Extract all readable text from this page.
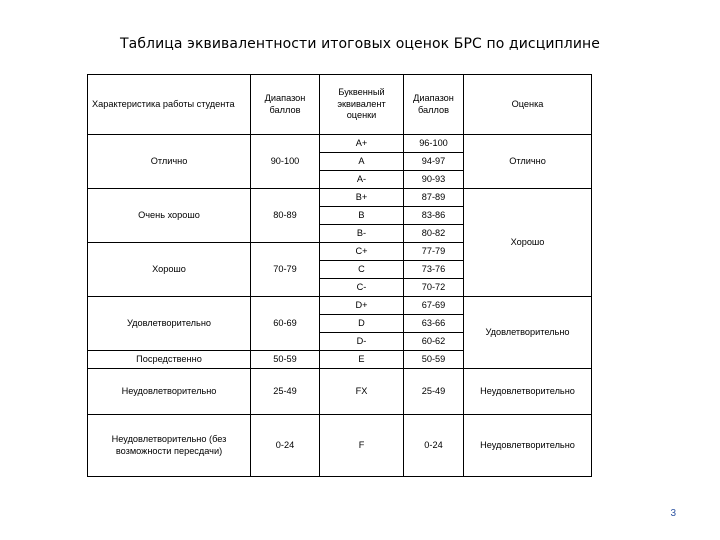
Таблица эквивалентности итоговых оценок БРС по дисциплине
Характеристика работы студента	Диапазон баллов	Буквенный эквивалент оценки	Диапазон баллов	Оценка
Отлично	90-100	A+	96-100	Отлично
		A	94-97	
		A-	90-93	
Очень хорошо	80-89	B+	87-89	Хорошо
		B	83-86	
		B-	80-82	
Хорошо	70-79	C+	77-79	
		C	73-76	
		C-	70-72	
Удовлетворительно	60-69	D+	67-69	Удовлетворительно
		D	63-66	
		D-	60-62	
Посредственно	50-59	E	50-59	
Неудовлетворительно	25-49	FX	25-49	Неудовлетворительно
Неудовлетворительно (без возможности пересдачи)	0-24	F	0-24	Неудовлетворительно
3
